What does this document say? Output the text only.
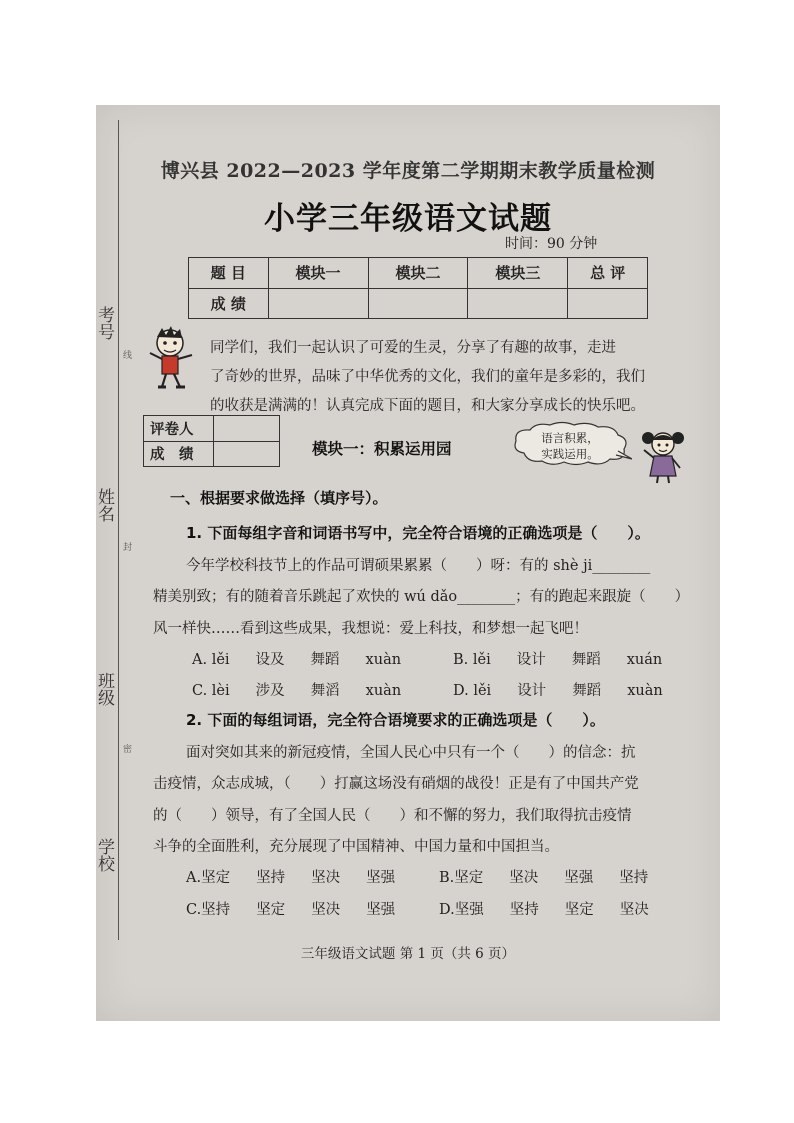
考号
姓名
班级
学校
线
封
密
博兴县 2022—2023 学年度第二学期期末教学质量检测
小学三年级语文试题
时间：90 分钟
题 目	模块一	模块二	模块三	总 评
成 绩				
同学们，我们一起认识了可爱的生灵，分享了有趣的故事，走进
了奇妙的世界，品味了中华优秀的文化，我们的童年是多彩的，我们
的收获是满满的！认真完成下面的题目，和大家分享成长的快乐吧。
评卷人	
成　绩		模块一：积累运用园
语言积累，
实践运用。
一、根据要求做选择（填序号）。
1. 下面每组字音和词语书写中，完全符合语境的正确选项是（　　）。
今年学校科技节上的作品可谓硕果累累（　　）呀：有的 shè ji________
精美别致；有的随着音乐跳起了欢快的 wú dǎo________；有的跑起来跟旋（　　）
风一样快……看到这些成果，我想说：爱上科技，和梦想一起飞吧！
A. lěi 设及 舞蹈 xuàn	B. lěi 设计 舞蹈 xuán
C. lèi 涉及 舞滔 xuàn	D. lěi 设计 舞蹈 xuàn
2. 下面的每组词语，完全符合语境要求的正确选项是（　　）。
面对突如其来的新冠疫情，全国人民心中只有一个（　　）的信念：抗
击疫情，众志成城，（　　）打赢这场没有硝烟的战役！正是有了中国共产党
的（　　）领导，有了全国人民（　　）和不懈的努力，我们取得抗击疫情
斗争的全面胜利，充分展现了中国精神、中国力量和中国担当。
A.坚定 坚持 坚决 坚强	B.坚定 坚决 坚强 坚持
C.坚持 坚定 坚决 坚强	D.坚强 坚持 坚定 坚决
三年级语文试题 第 1 页（共 6 页）
